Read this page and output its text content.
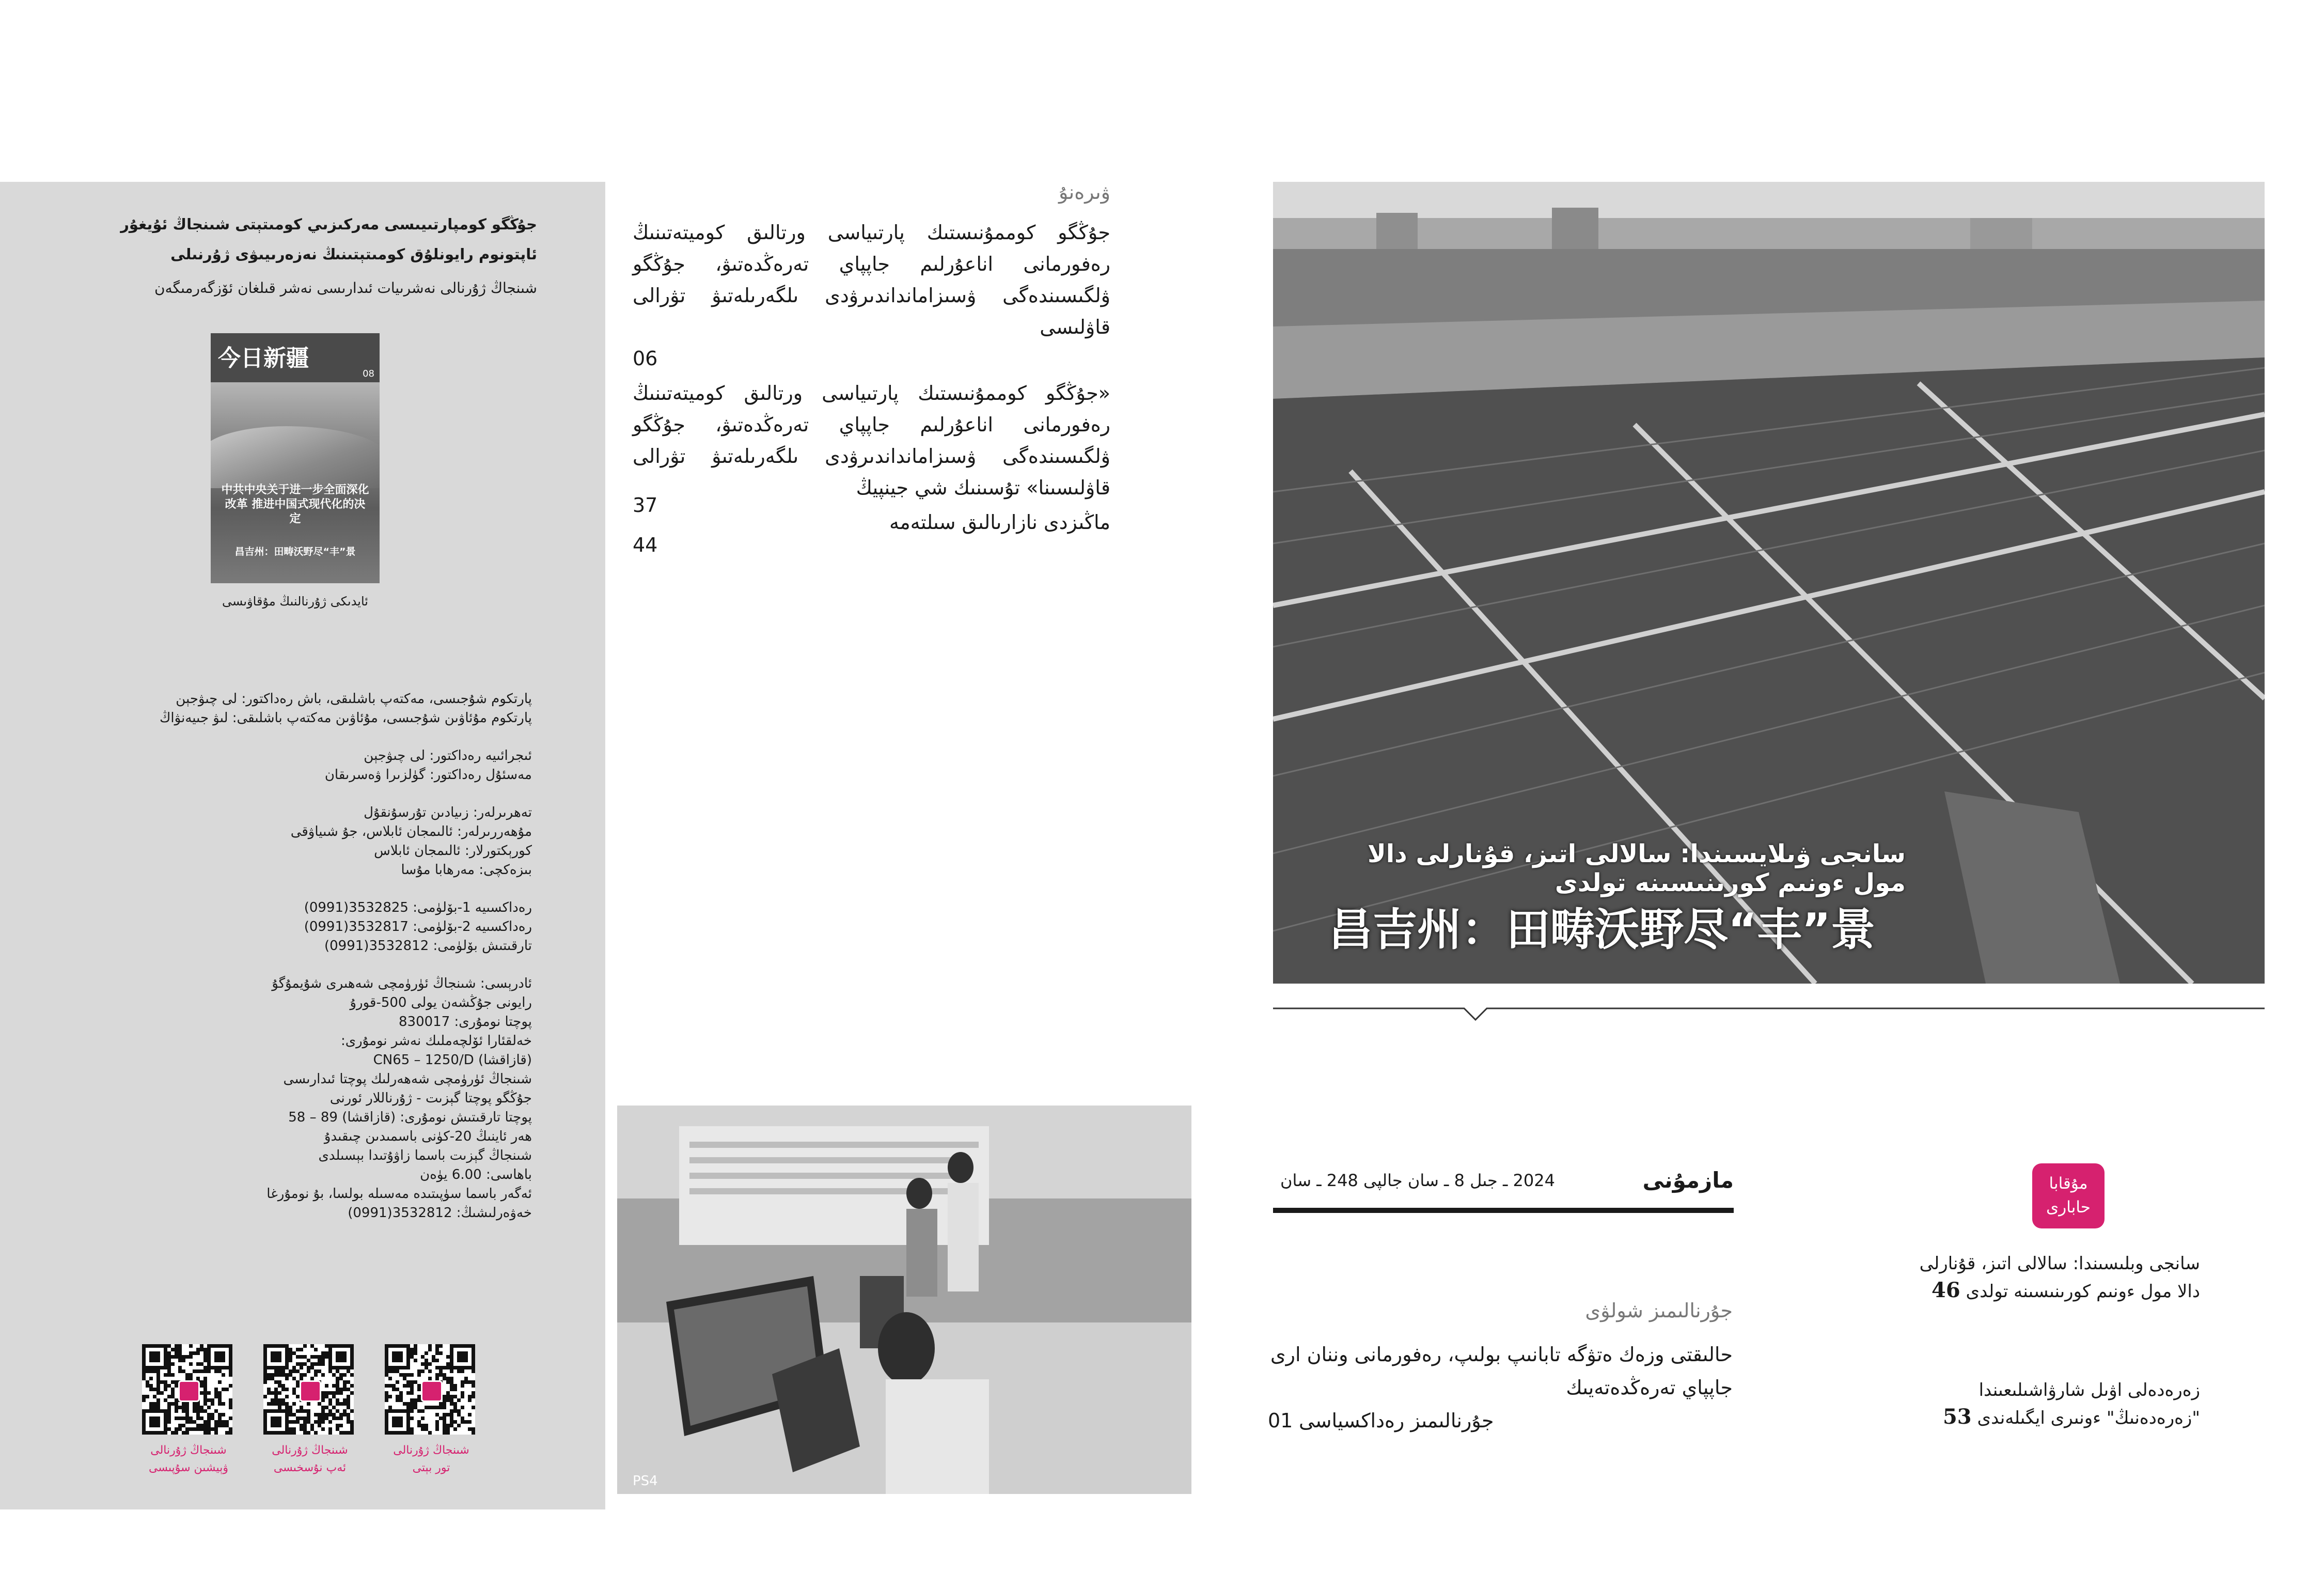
جۇڭگو كومپارتىيىسى مەركىزىي كومىتېتى شىنجاڭ ئۇيغۇر ئاپتونوم رايونلۇق كومىتېتىنىڭ نەزەرىيىۋى ژۇرنىلى
شىنجاڭ ژۇرنالى نەشرىيات ئىدارىسى نەشر قىلغان ئۆزگەرمىگەن
今日新疆
08
中共中央关于进一步全面深化改革 推进中国式现代化的决定
昌吉州：田畴沃野尽“丰”景
ئايدىكى ژۇرنالنىڭ مۇقاۋىسى
پارتكوم شۇجىسى، مەكتەپ باشلىقى، باش رەداكتور: لى چىۋجېن
پارتكوم مۇئاۋىن شۇجىسى، مۇئاۋىن مەكتەپ باشلىقى: لىۋ جىيەنۋاڭ
ئىجرائىيە رەداكتور: لى چىۋجېن
مەسئۇل رەداكتور: گۈلزىرا ۋەسرىقان
تەھرىرلەر: زىيادىن تۇرسۇنقۇل
مۇھەررىرلەر: ئالىمجان ئابلاس، جۇ شىياۋقى
كورېكتورلار: ئالىمجان ئابلاس
بىزەكچى: مەرھابا مۇسا
رەداكسىيە 1-بۆلۈمى: 3532825(0991)
رەداكسىيە 2-بۆلۈمى: 3532817(0991)
تارقىتىش بۆلۈمى: 3532812(0991)
ئادرېسى: شىنجاڭ ئۈرۈمچى شەھىرى شۇيمۇگۇ
رايونى جۇڭشەن يولى 500-قورۇ
پوچتا نومۇرى: 830017
خەلقئارا ئۆلچەملىك نەشر نومۇرى:
(قازاقشا) CN65 – 1250/D
شىنجاڭ ئۈرۈمچى شەھەرلىك پوچتا ئىدارىسى
جۇڭگو پوچتا گېزىت - ژۇرناللار ئورنى
پوچتا تارقىتىش نومۇرى: (قازاقشا) 89 – 58
ھەر ئاينىڭ 20-كۈنى باسمىدىن چىقىدۇ
شىنجاڭ گېزىت باسما زاۋۇتىدا بېسىلدى
باھاسى: 6.00 يۈەن
ئەگەر باسما سۈپىتىدە مەسىلە بولسا، بۇ نومۇرغا
خەۋەرلىشىڭ: 3532812(0991)
شىنجاڭ ژۇرنالى تور بېتى
شىنجاڭ ژۇرنالى ئەپ نۇسخىسى
شىنجاڭ ژۇرنالى ۋېيشىن سۇپىسى
ۋىرەنۇ
جۇڭگو كوممۇنىستىك پارتىياسى ورتالىق كوميتەتىنىڭ رەفورمانى اناعۇرلىم جاپپاي تەرەڭدەتىۋ، جۇڭگو ۋلگىسىندەگى ۋسىزامانداندىرۋدى ىلگەرىلەتىۋ تۋرالى قاۋلىسى
06
«جۇڭگو كوممۇنىستىك پارتىياسى ورتالىق كوميتەتىنىڭ رەفورمانى اناعۇرلىم جاپپاي تەرەڭدەتىۋ، جۇڭگو ۋلگىسىندەگى ۋسىزامانداندىرۋدى ىلگەرىلەتىۋ تۋرالى قاۋلىسىنا» تۇسىنىك شي جينپيڭ
ماڭىزدى نازارىالىق سىلتەمە
37
44
PS4
سانجى ۋىلايسىندا: سالالى اتىز، قۇنارلى دالا مول ءونىم كورىنىسىنە تولدى
昌吉州：田畴沃野尽“丰”景
مازمۇنى
2024 ـ جىل 8 ـ سان جالپى 248 ـ سان
جۇرنالىمىز شولۋى
حالىقتى وزەك ەتۋگە تابانىپ بولىپ، رەفورمانى وننان ارى جاپپاي تەرەڭدەتەيىك
01 جۇرنالىمىز رەداكسياسى
مۇقابا
حابارى
سانجى وبلىسىندا: سالالى اتىز، قۇنارلى دالا مول ءونىم كورىنىسىنە تولدى 46
زەرەدەلى اۋىل شارۋاشىلىعىندا "زەرەدەنىڭ" ءونىرى ايگىلەندى 53
